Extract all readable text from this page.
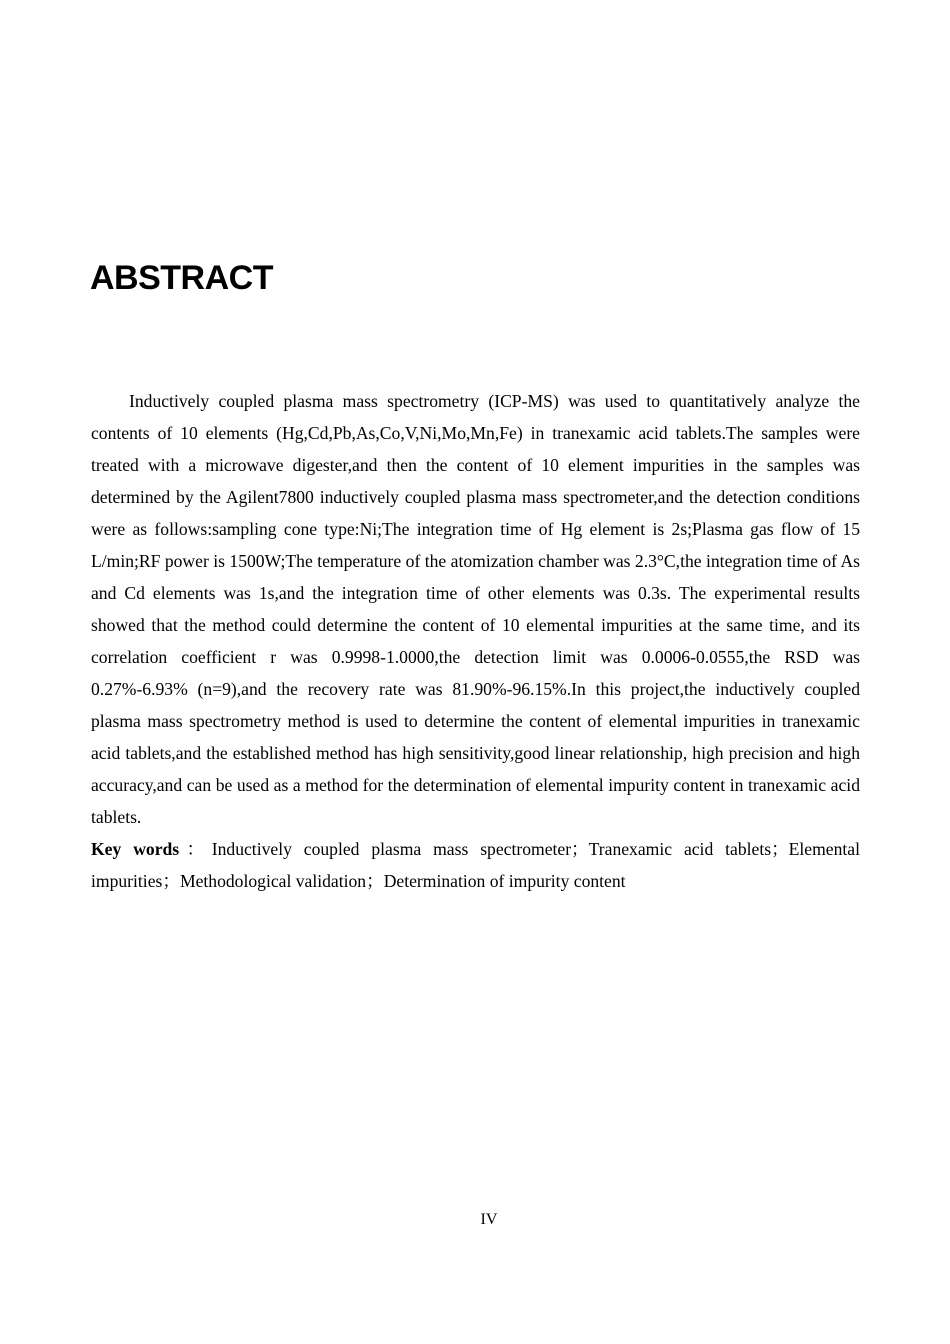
ABSTRACT

Inductively coupled plasma mass spectrometry (ICP-MS) was used to quantitatively analyze the contents of 10 elements (Hg,Cd,Pb,As,Co,V,Ni,Mo,Mn,Fe) in tranexamic acid tablets.The samples were treated with a microwave digester,and then the content of 10 element impurities in the samples was determined by the Agilent7800 inductively coupled plasma mass spectrometer,and the detection conditions were as follows:sampling cone type:Ni;The integration time of Hg element is 2s;Plasma gas flow of 15 L/min;RF power is 1500W;The temperature of the atomization chamber was 2.3°C,the integration time of As and Cd elements was 1s,and the integration time of other elements was 0.3s. The experimental results showed that the method could determine the content of 10 elemental impurities at the same time, and its correlation coefficient r was 0.9998-1.0000,the detection limit was 0.0006-0.0555,the RSD was 0.27%-6.93% (n=9),and the recovery rate was 81.90%-96.15%.In this project,the inductively coupled plasma mass spectrometry method is used to determine the content of elemental impurities in tranexamic acid tablets,and the established method has high sensitivity,good linear relationship, high precision and high accuracy,and can be used as a method for the determination of elemental impurity content in tranexamic acid tablets.

Key words：Inductively coupled plasma mass spectrometer；Tranexamic acid tablets；Elemental impurities；Methodological validation；Determination of impurity content

IV
